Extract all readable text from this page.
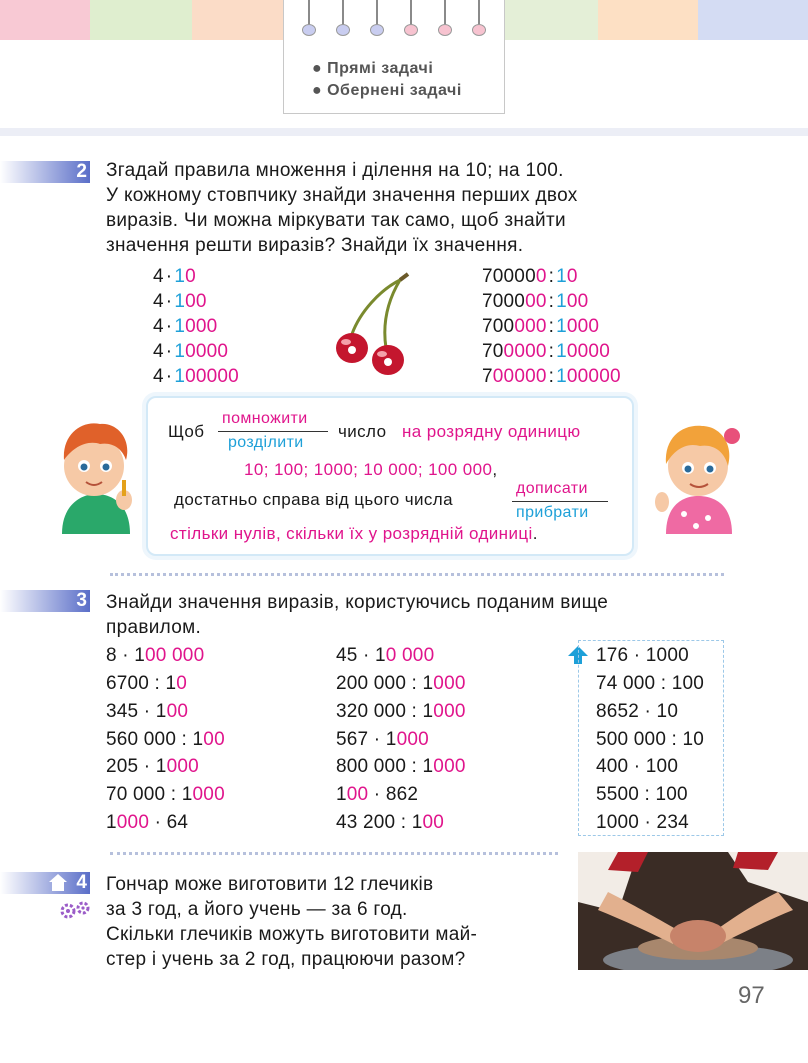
● Прямі задачі
● Обернені задачі
2 Згадай правила множення і ділення на 10; на 100.
У кожному стовпчику знайди значення перших двох
виразів. Чи можна міркувати так само, щоб знайти
значення решти виразів? Знайди їх значення.
4 · 10
4 · 100
4 · 1000
4 · 10000
4 · 100000
700000 : 10
700000 : 100
700000 : 1000
700000 : 10000
700000 : 100000
Щоб
помножити
розділити
число на розрядну одиницю
10; 100; 1000; 10 000; 100 000,
достатньо справа від цього числа
дописати
прибрати
стільки нулів, скільки їх у розрядній одиниці.
3 Знайди значення виразів, користуючись поданим вище
правилом.
8 · 100 000
6700 : 10
345 · 100
560 000 : 100
205 · 1000
70 000 : 1000
1000 · 64
45 · 10 000
200 000 : 1000
320 000 : 1000
567 · 1000
800 000 : 1000
100 · 862
43 200 : 100
176 · 1000
74 000 : 100
8652 · 10
500 000 : 10
400 · 100
5500 : 100
1000 · 234
4 Гончар може виготовити 12 глечиків
за 3 год, а його учень — за 6 год.
Скільки глечиків можуть виготовити май-
стер і учень за 2 год, працюючи разом?
97
